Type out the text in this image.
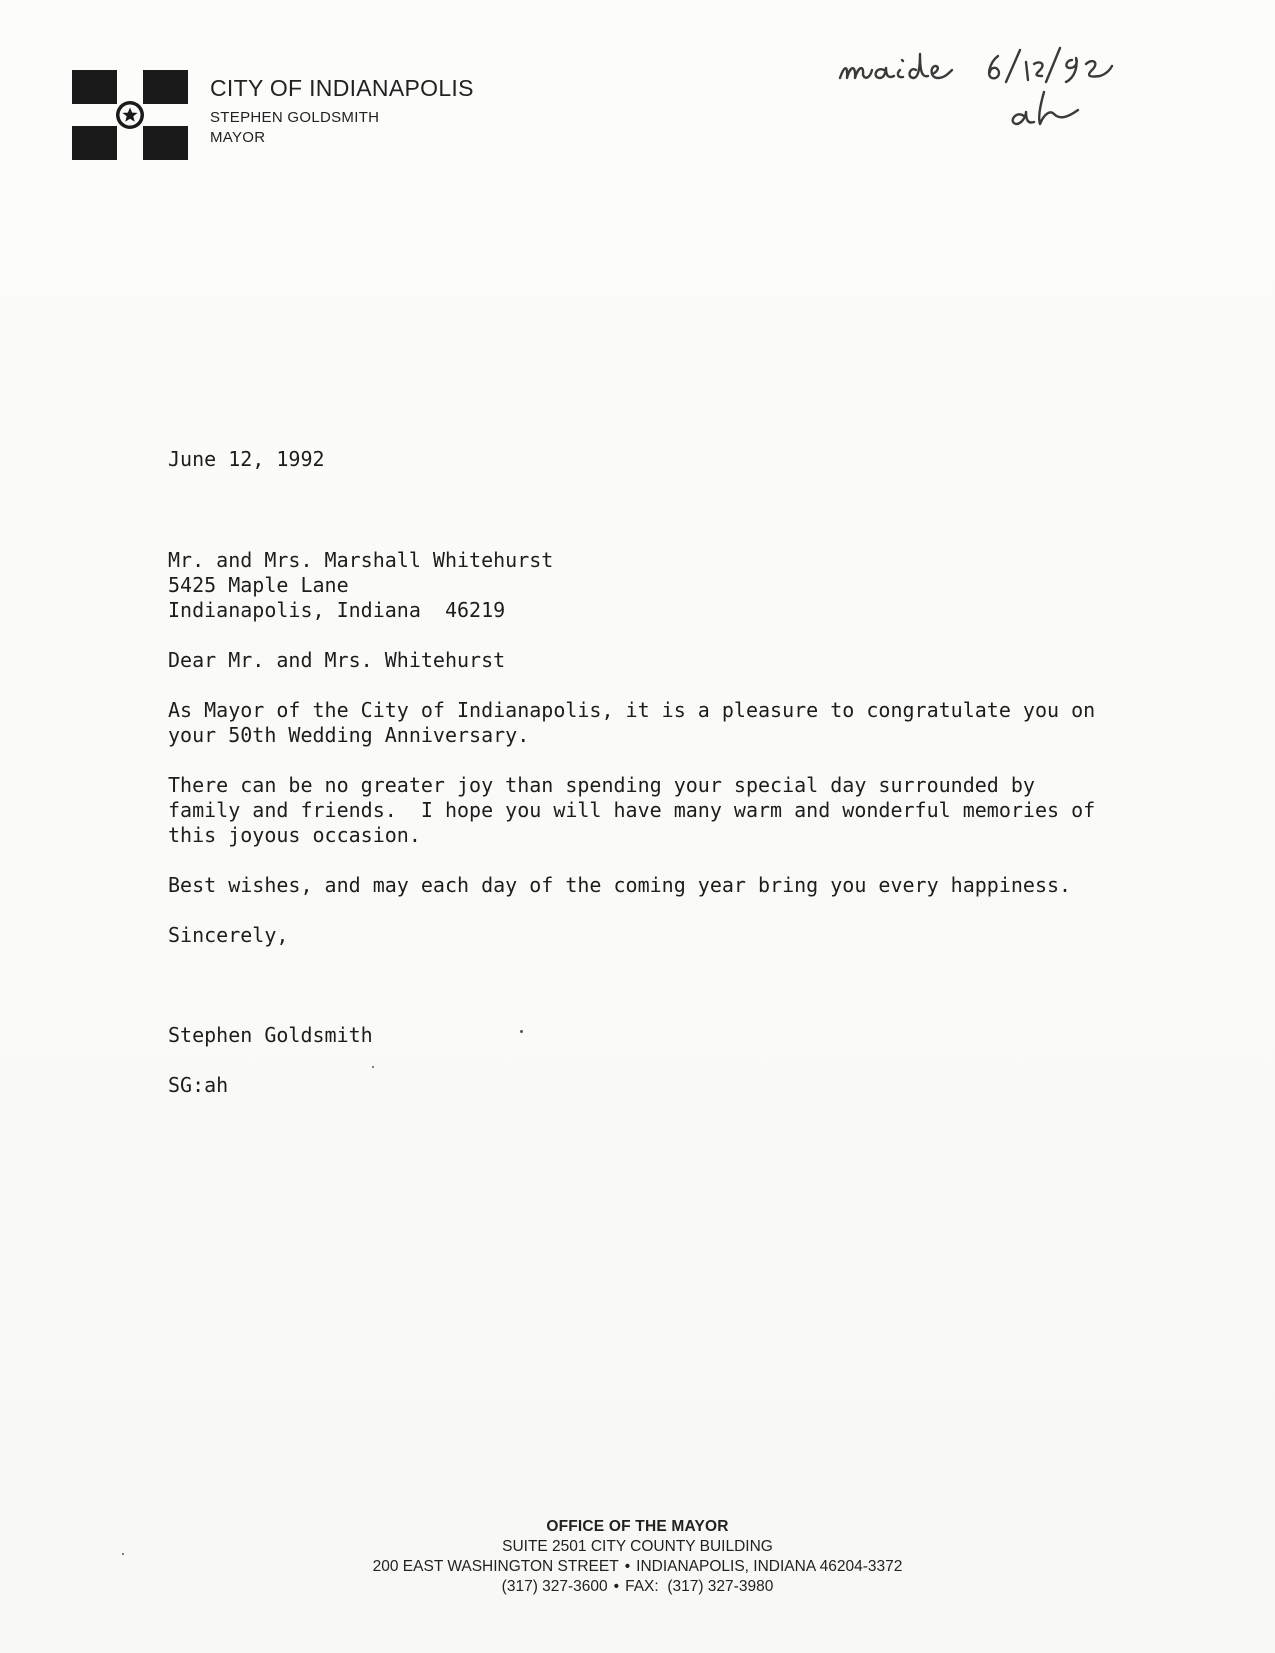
CITY OF INDIANAPOLIS
STEPHEN GOLDSMITH
MAYOR

June 12, 1992

Mr. and Mrs. Marshall Whitehurst

5425 Maple Lane

Indianapolis, Indiana  46219

Dear Mr. and Mrs. Whitehurst

As Mayor of the City of Indianapolis, it is a pleasure to congratulate you on your 50th Wedding Anniversary.

There can be no greater joy than spending your special day surrounded by family and friends.  I hope you will have many warm and wonderful memories of this joyous occasion.

Best wishes, and may each day of the coming year bring you every happiness.

Sincerely,

Stephen Goldsmith

SG:ah

OFFICE OF THE MAYOR
SUITE 2501 CITY COUNTY BUILDING
200 EAST WASHINGTON STREET • INDIANAPOLIS, INDIANA 46204-3372
(317) 327-3600 • FAX:  (317) 327-3980
